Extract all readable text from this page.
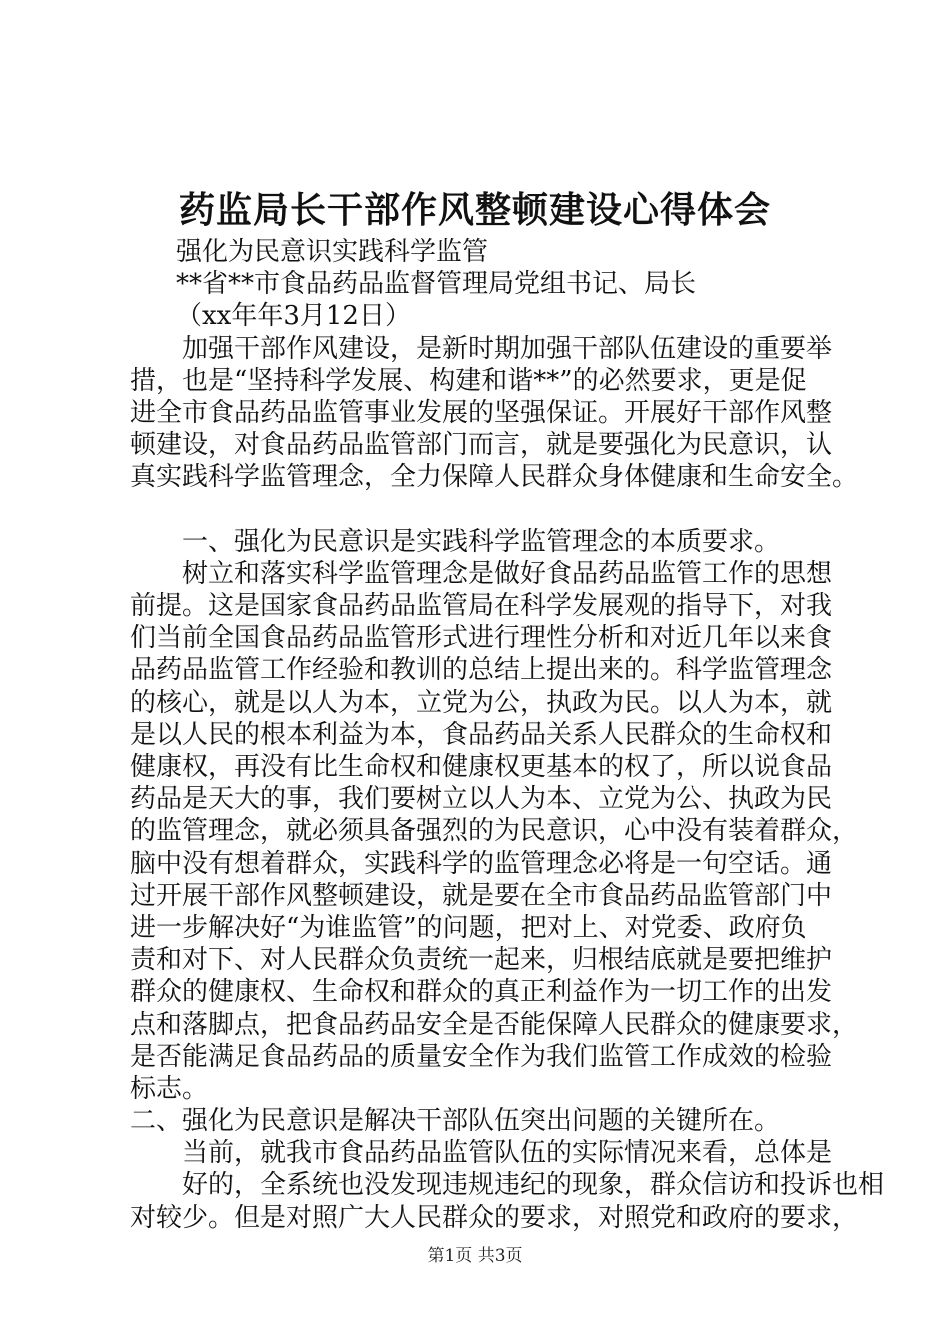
药监局长干部作风整顿建设心得体会
强化为民意识实践科学监管
**省**市食品药品监督管理局党组书记、局长
（xx年年3月12日）
加强干部作风建设，是新时期加强干部队伍建设的重要举
措，也是“坚持科学发展、构建和谐**”的必然要求，更是促
进全市食品药品监管事业发展的坚强保证。开展好干部作风整
顿建设，对食品药品监管部门而言，就是要强化为民意识，认
真实践科学监管理念，全力保障人民群众身体健康和生命安全。
一、强化为民意识是实践科学监管理念的本质要求。
树立和落实科学监管理念是做好食品药品监管工作的思想
前提。这是国家食品药品监管局在科学发展观的指导下，对我
们当前全国食品药品监管形式进行理性分析和对近几年以来食
品药品监管工作经验和教训的总结上提出来的。科学监管理念
的核心，就是以人为本，立党为公，执政为民。以人为本，就
是以人民的根本利益为本，食品药品关系人民群众的生命权和
健康权，再没有比生命权和健康权更基本的权了，所以说食品
药品是天大的事，我们要树立以人为本、立党为公、执政为民
的监管理念，就必须具备强烈的为民意识，心中没有装着群众，
脑中没有想着群众，实践科学的监管理念必将是一句空话。通
过开展干部作风整顿建设，就是要在全市食品药品监管部门中
进一步解决好“为谁监管”的问题，把对上、对党委、政府负
责和对下、对人民群众负责统一起来，归根结底就是要把维护
群众的健康权、生命权和群众的真正利益作为一切工作的出发
点和落脚点，把食品药品安全是否能保障人民群众的健康要求，
是否能满足食品药品的质量安全作为我们监管工作成效的检验
标志。
二、强化为民意识是解决干部队伍突出问题的关键所在。
当前，就我市食品药品监管队伍的实际情况来看，总体是
好的，全系统也没发现违规违纪的现象，群众信访和投诉也相
对较少。但是对照广大人民群众的要求，对照党和政府的要求，
第1页 共3页
